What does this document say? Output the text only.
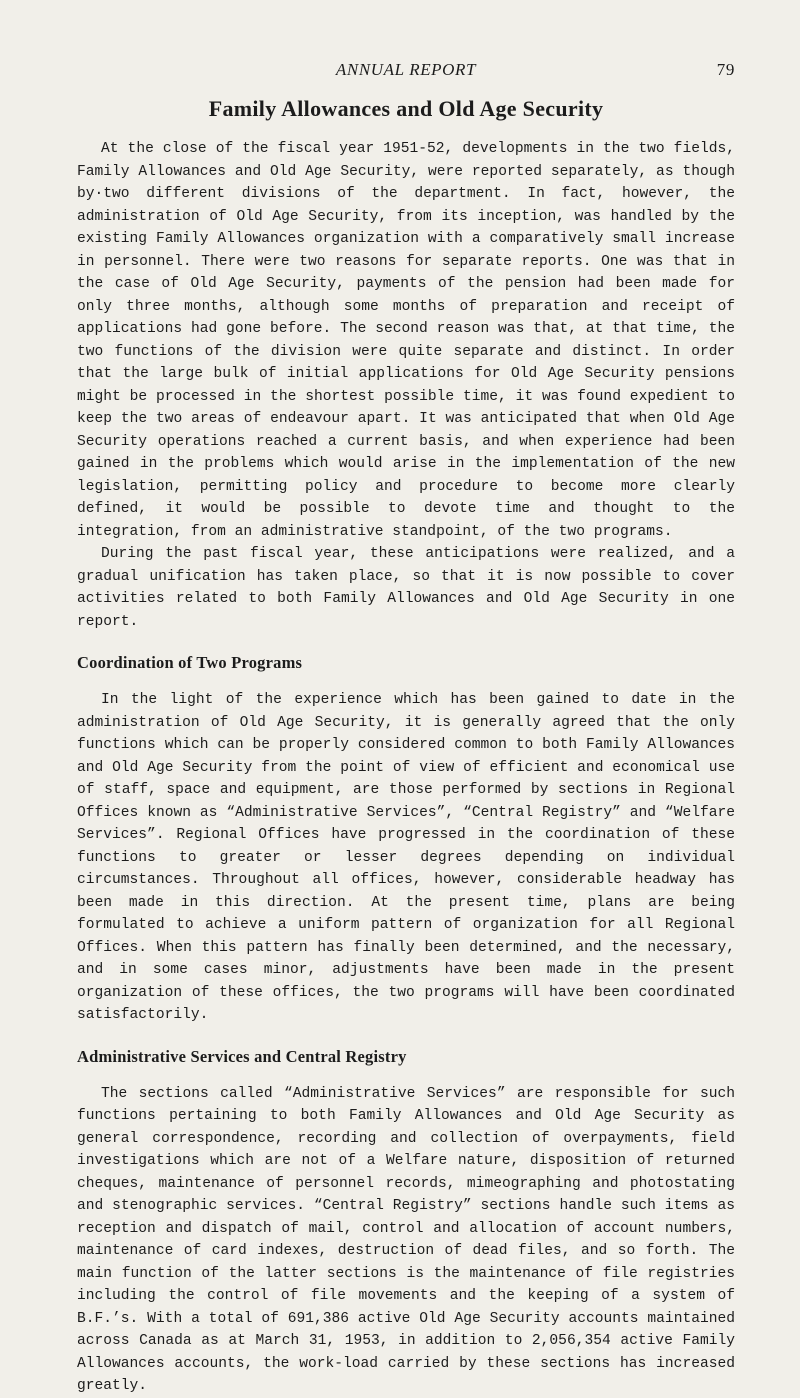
ANNUAL REPORT	79
Family Allowances and Old Age Security

At the close of the fiscal year 1951-52, developments in the two fields, Family Allowances and Old Age Security, were reported separately, as though by·two different divisions of the department. In fact, however, the administration of Old Age Security, from its inception, was handled by the existing Family Allowances organization with a comparatively small increase in personnel. There were two reasons for separate reports. One was that in the case of Old Age Security, payments of the pension had been made for only three months, although some months of preparation and receipt of applications had gone before. The second reason was that, at that time, the two functions of the division were quite separate and distinct. In order that the large bulk of initial applications for Old Age Security pensions might be processed in the shortest possible time, it was found expedient to keep the two areas of endeavour apart. It was anticipated that when Old Age Security operations reached a current basis, and when experience had been gained in the problems which would arise in the implementation of the new legislation, permitting policy and procedure to become more clearly defined, it would be possible to devote time and thought to the integration, from an administrative standpoint, of the two programs.

During the past fiscal year, these anticipations were realized, and a gradual unification has taken place, so that it is now possible to cover activities related to both Family Allowances and Old Age Security in one report.

Coordination of Two Programs

In the light of the experience which has been gained to date in the administration of Old Age Security, it is generally agreed that the only functions which can be properly considered common to both Family Allowances and Old Age Security from the point of view of efficient and economical use of staff, space and equipment, are those performed by sections in Regional Offices known as “Administrative Services”, “Central Registry” and “Welfare Services”. Regional Offices have progressed in the coordination of these functions to greater or lesser degrees depending on individual circumstances. Throughout all offices, however, considerable headway has been made in this direction. At the present time, plans are being formulated to achieve a uniform pattern of organization for all Regional Offices. When this pattern has finally been determined, and the necessary, and in some cases minor, adjustments have been made in the present organization of these offices, the two programs will have been coordinated satisfactorily.

Administrative Services and Central Registry

The sections called “Administrative Services” are responsible for such functions pertaining to both Family Allowances and Old Age Security as general correspondence, recording and collection of overpayments, field investigations which are not of a Welfare nature, disposition of returned cheques, maintenance of personnel records, mimeographing and photostating and stenographic services. “Central Registry” sections handle such items as reception and dispatch of mail, control and allocation of account numbers, maintenance of card indexes, destruction of dead files, and so forth. The main function of the latter sections is the maintenance of file registries including the control of file movements and the keeping of a system of B.F.’s. With a total of 691,386 active Old Age Security accounts maintained across Canada as at March 31, 1953, in addition to 2,056,354 active Family Allowances accounts, the work-load carried by these sections has increased greatly.
